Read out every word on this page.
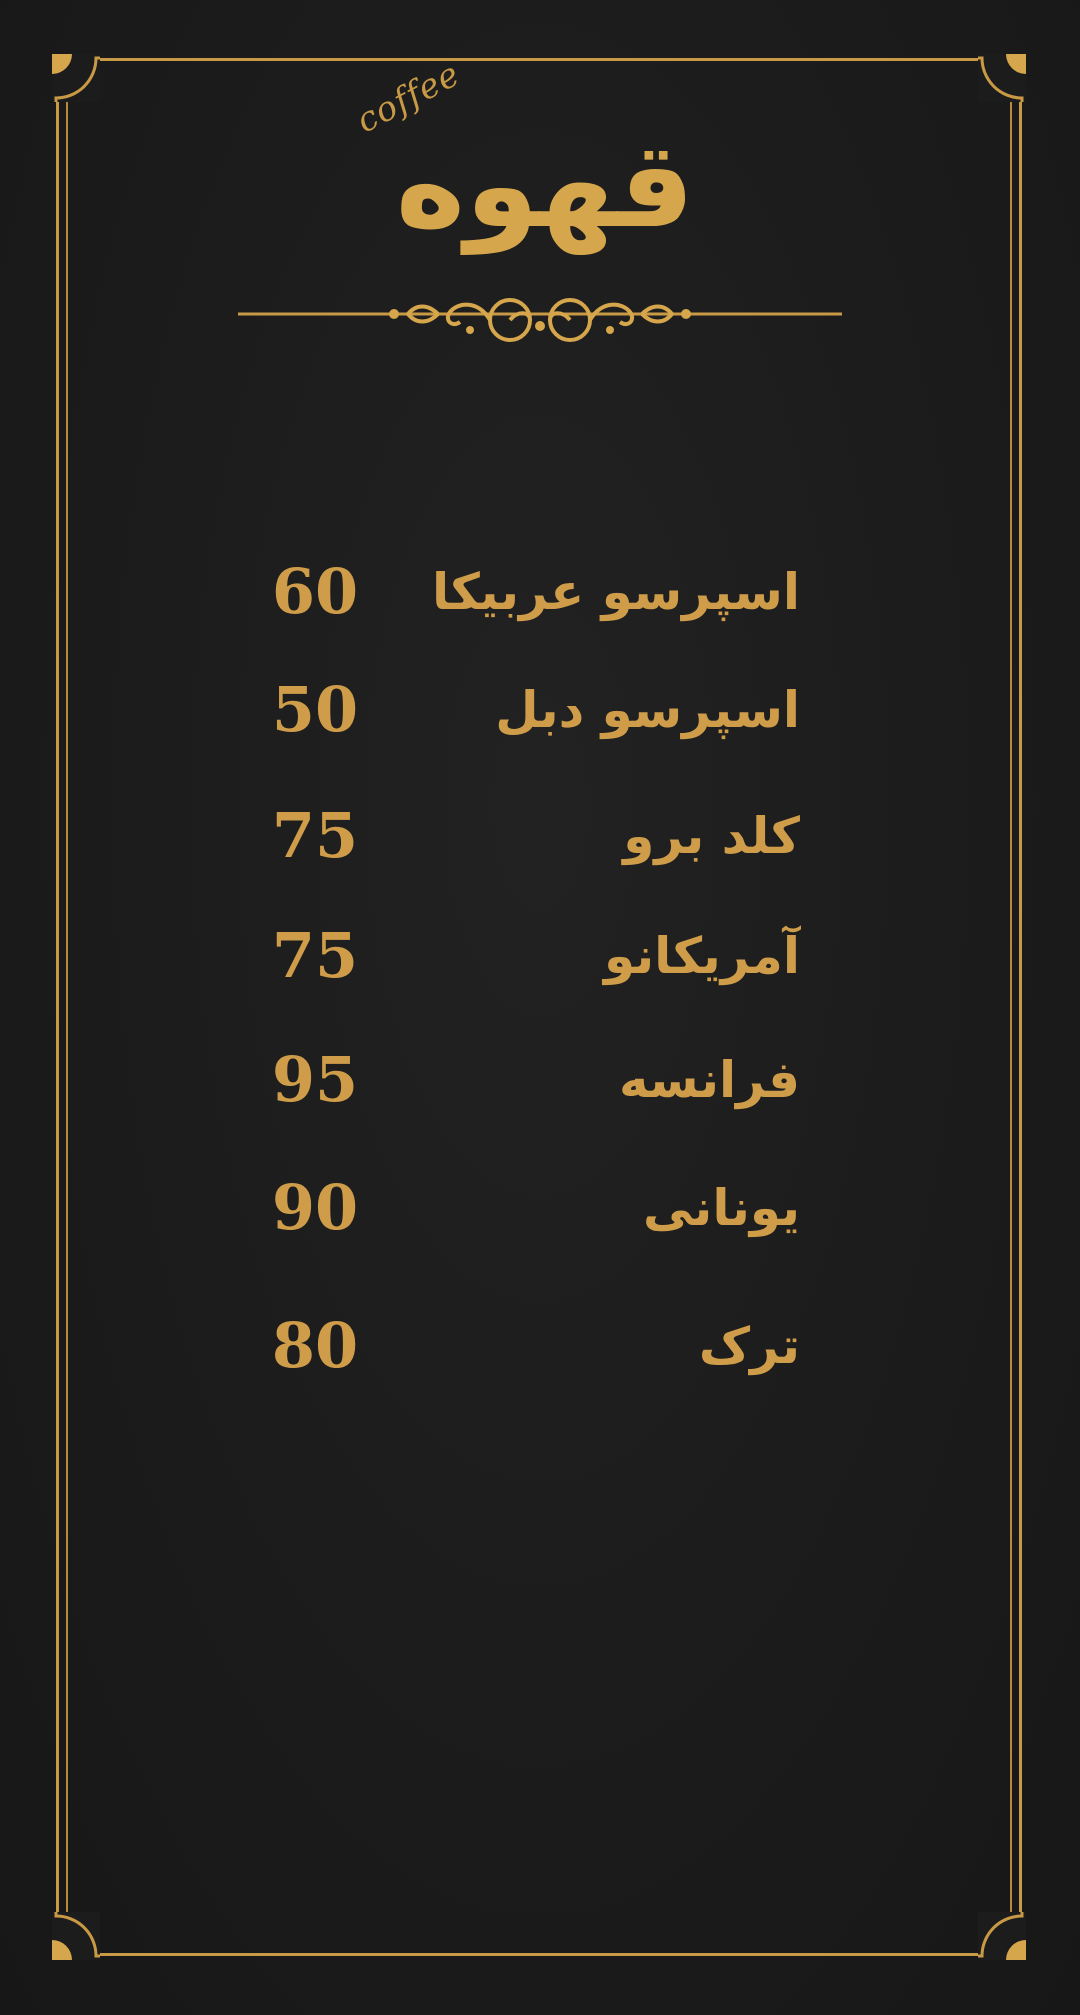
coffee
قهوه
اسپرسو عربیکا
60
اسپرسو دبل
50
کلد برو
75
آمریکانو
75
فرانسه
95
یونانی
90
ترک
80
